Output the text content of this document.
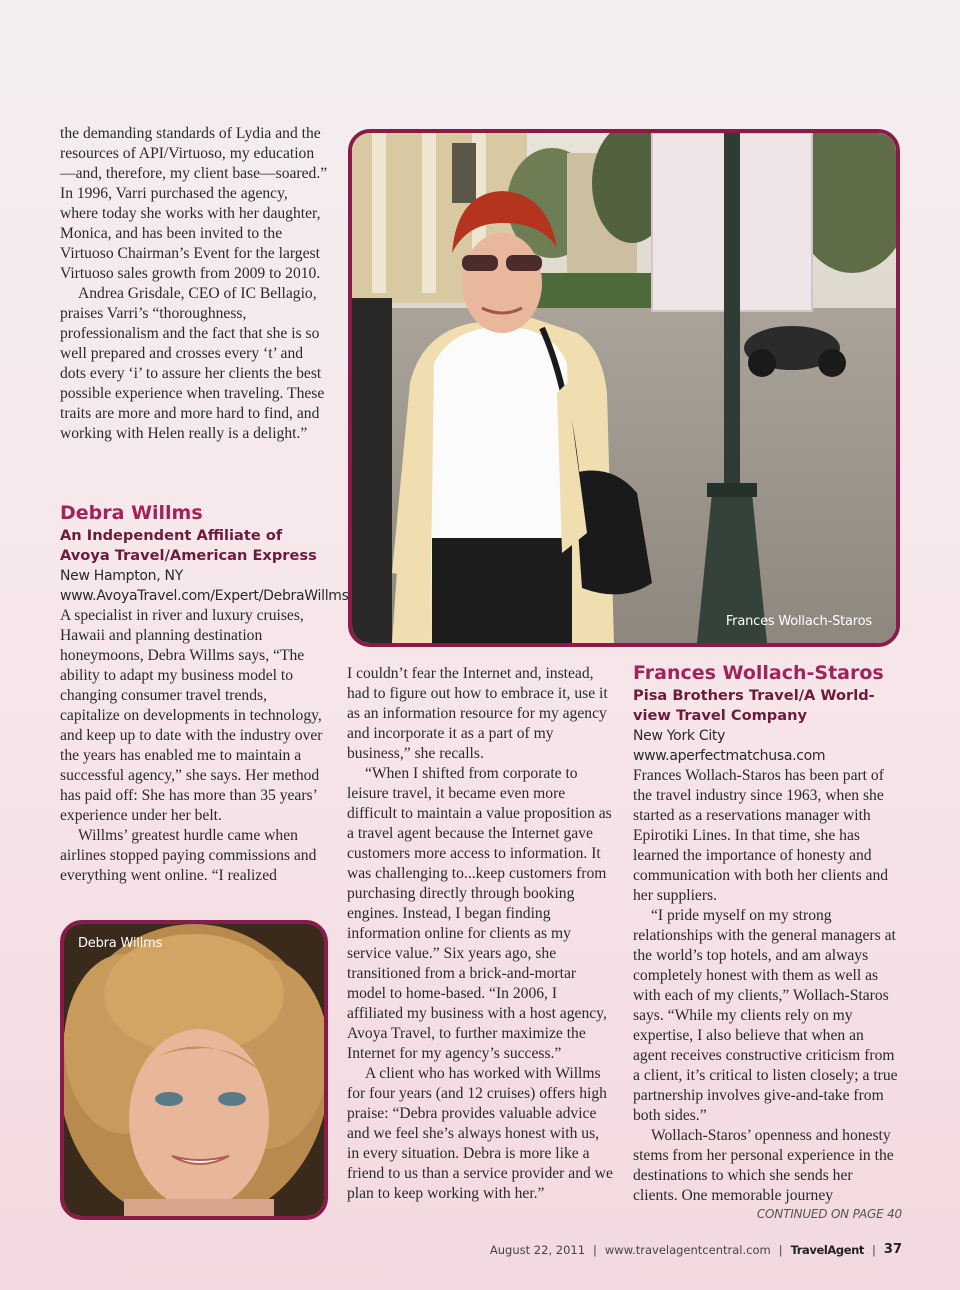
Frances Wollach-Staros

the demanding standards of Lydia and the resources of API/Virtuoso, my education—and, therefore, my client base—soared.” In 1996, Varri purchased the agency, where today she works with her daughter, Monica, and has been invited to the Virtuoso Chairman’s Event for the largest Virtuoso sales growth from 2009 to 2010.

Andrea Grisdale, CEO of IC Bellagio, praises Varri’s “thoroughness, professionalism and the fact that she is so well prepared and crosses every ‘t’ and dots every ‘i’ to assure her clients the best possible experience when traveling. These traits are more and more hard to find, and working with Helen really is a delight.”

Debra Willms
An Independent Affiliate of Avoya Travel/American Express
New Hampton, NY
www.AvoyaTravel.com/Expert/DebraWillms

A specialist in river and luxury cruises, Hawaii and planning destination honeymoons, Debra Willms says, “The ability to adapt my business model to changing consumer travel trends, capitalize on developments in technology, and keep up to date with the industry over the years has enabled me to maintain a successful agency,” she says. Her method has paid off: She has more than 35 years’ experience under her belt.

Willms’ greatest hurdle came when airlines stopped paying commissions and everything went online. “I realized

Debra Willms

I couldn’t fear the Internet and, instead, had to figure out how to embrace it, use it as an information resource for my agency and incorporate it as a part of my business,” she recalls.

“When I shifted from corporate to leisure travel, it became even more difficult to maintain a value proposition as a travel agent because the Internet gave customers more access to information. It was challenging to...keep customers from purchasing directly through booking engines. Instead, I began finding information online for clients as my service value.” Six years ago, she transitioned from a brick-and-mortar model to home-based. “In 2006, I affiliated my business with a host agency, Avoya Travel, to further maximize the Internet for my agency’s success.”

A client who has worked with Willms for four years (and 12 cruises) offers high praise: “Debra provides valuable advice and we feel she’s always honest with us, in every situation. Debra is more like a friend to us than a service provider and we plan to keep working with her.”

Frances Wollach-Staros
Pisa Brothers Travel/A World-view Travel Company
New York City
www.aperfectmatchusa.com

Frances Wollach-Staros has been part of the travel industry since 1963, when she started as a reservations manager with Epirotiki Lines. In that time, she has learned the importance of honesty and communication with both her clients and her suppliers.

“I pride myself on my strong relationships with the general managers at the world’s top hotels, and am always completely honest with them as well as with each of my clients,” Wollach-Staros says. “While my clients rely on my expertise, I also believe that when an agent receives constructive criticism from a client, it’s critical to listen closely; a true partnership involves give-and-take from both sides.”

Wollach-Staros’ openness and honesty stems from her personal experience in the destinations to which she sends her clients. One memorable journey

CONTINUED ON PAGE 40
August 22, 2011 | www.travelagentcentral.com | TravelAgent | 37
